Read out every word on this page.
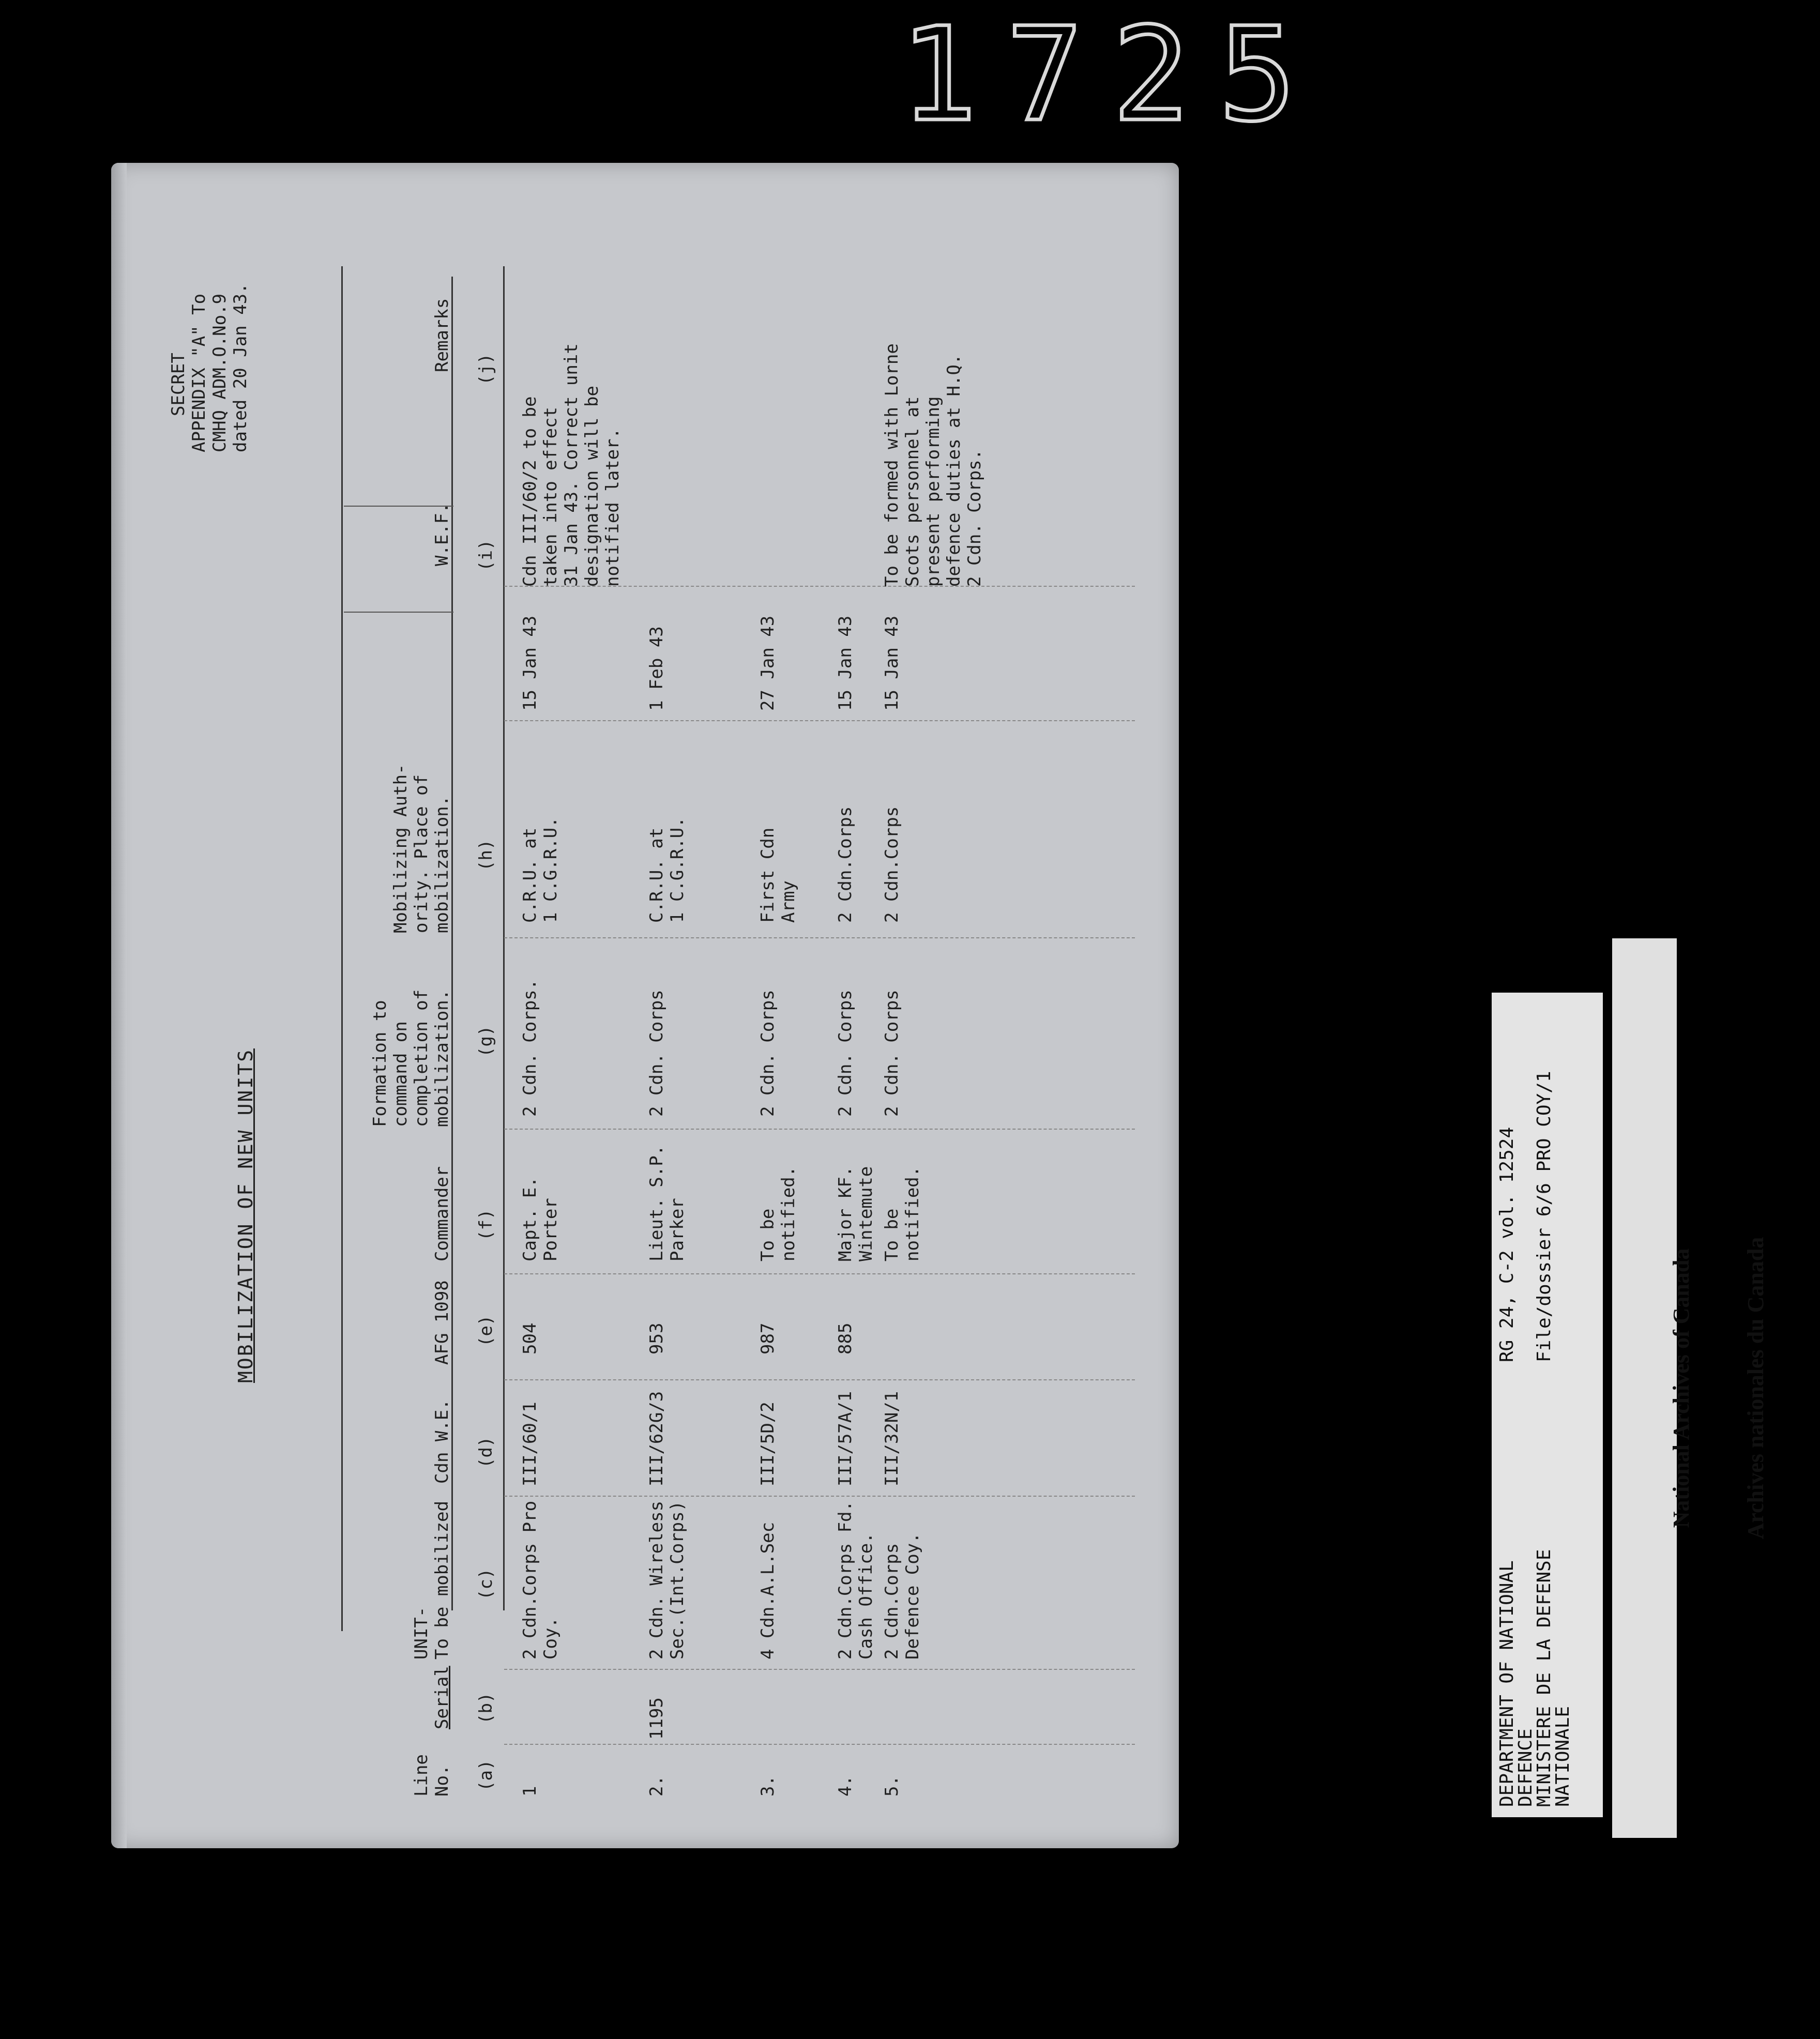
1725
SECRET APPENDIX "A" To CMHQ ADM.O.No.9 dated 20 Jan 43.
MOBILIZATION OF NEW UNITS
Line
No.
Serial
UNIT-
To be mobilized
Cdn W.E.
AFG 1098
Commander
Formation to
command on
completion of
mobilization.
Mobilizing Auth-
ority. Place of
mobilization.
W.E.F.
Remarks
(a)
(b)
(c)
(d)
(e)
(f)
(g)
(h)
(i)
(j)
1
2 Cdn.Corps Pro
Coy.
III/60/1
504
Capt. E.
Porter
2 Cdn. Corps.
C.R.U. at
1 C.G.R.U.
15 Jan 43
Cdn III/60/2 to be
taken into effect
31 Jan 43. Correct unit
designation will be
notified later.
2.
1195
2 Cdn. Wireless
Sec.(Int.Corps)
III/62G/3
953
Lieut. S.P.
Parker
2 Cdn. Corps
C.R.U. at
1 C.G.R.U.
1 Feb 43
3.
4 Cdn.A.L.Sec
III/5D/2
987
To be
notified.
2 Cdn. Corps
First Cdn
Army
27 Jan 43
4.
2 Cdn.Corps Fd.
Cash Office.
III/57A/1
885
Major KF.
Wintemute
2 Cdn. Corps
2 Cdn.Corps
15 Jan 43
5.
2 Cdn.Corps
Defence Coy.
III/32N/1
To be
notified.
2 Cdn. Corps
2 Cdn.Corps
15 Jan 43
To be formed with Lorne
Scots personnel at
present performing
defence duties at H.Q.
2 Cdn. Corps.

DEPARTMENT OF NATIONAL
DEFENCE
MINISTERE DE LA DEFENSE
NATIONALE

RG 24, C-2 vol. 12524

File/dossier 6/6 PRO COY/1

National Archives of Canada

Archives nationales du Canada
